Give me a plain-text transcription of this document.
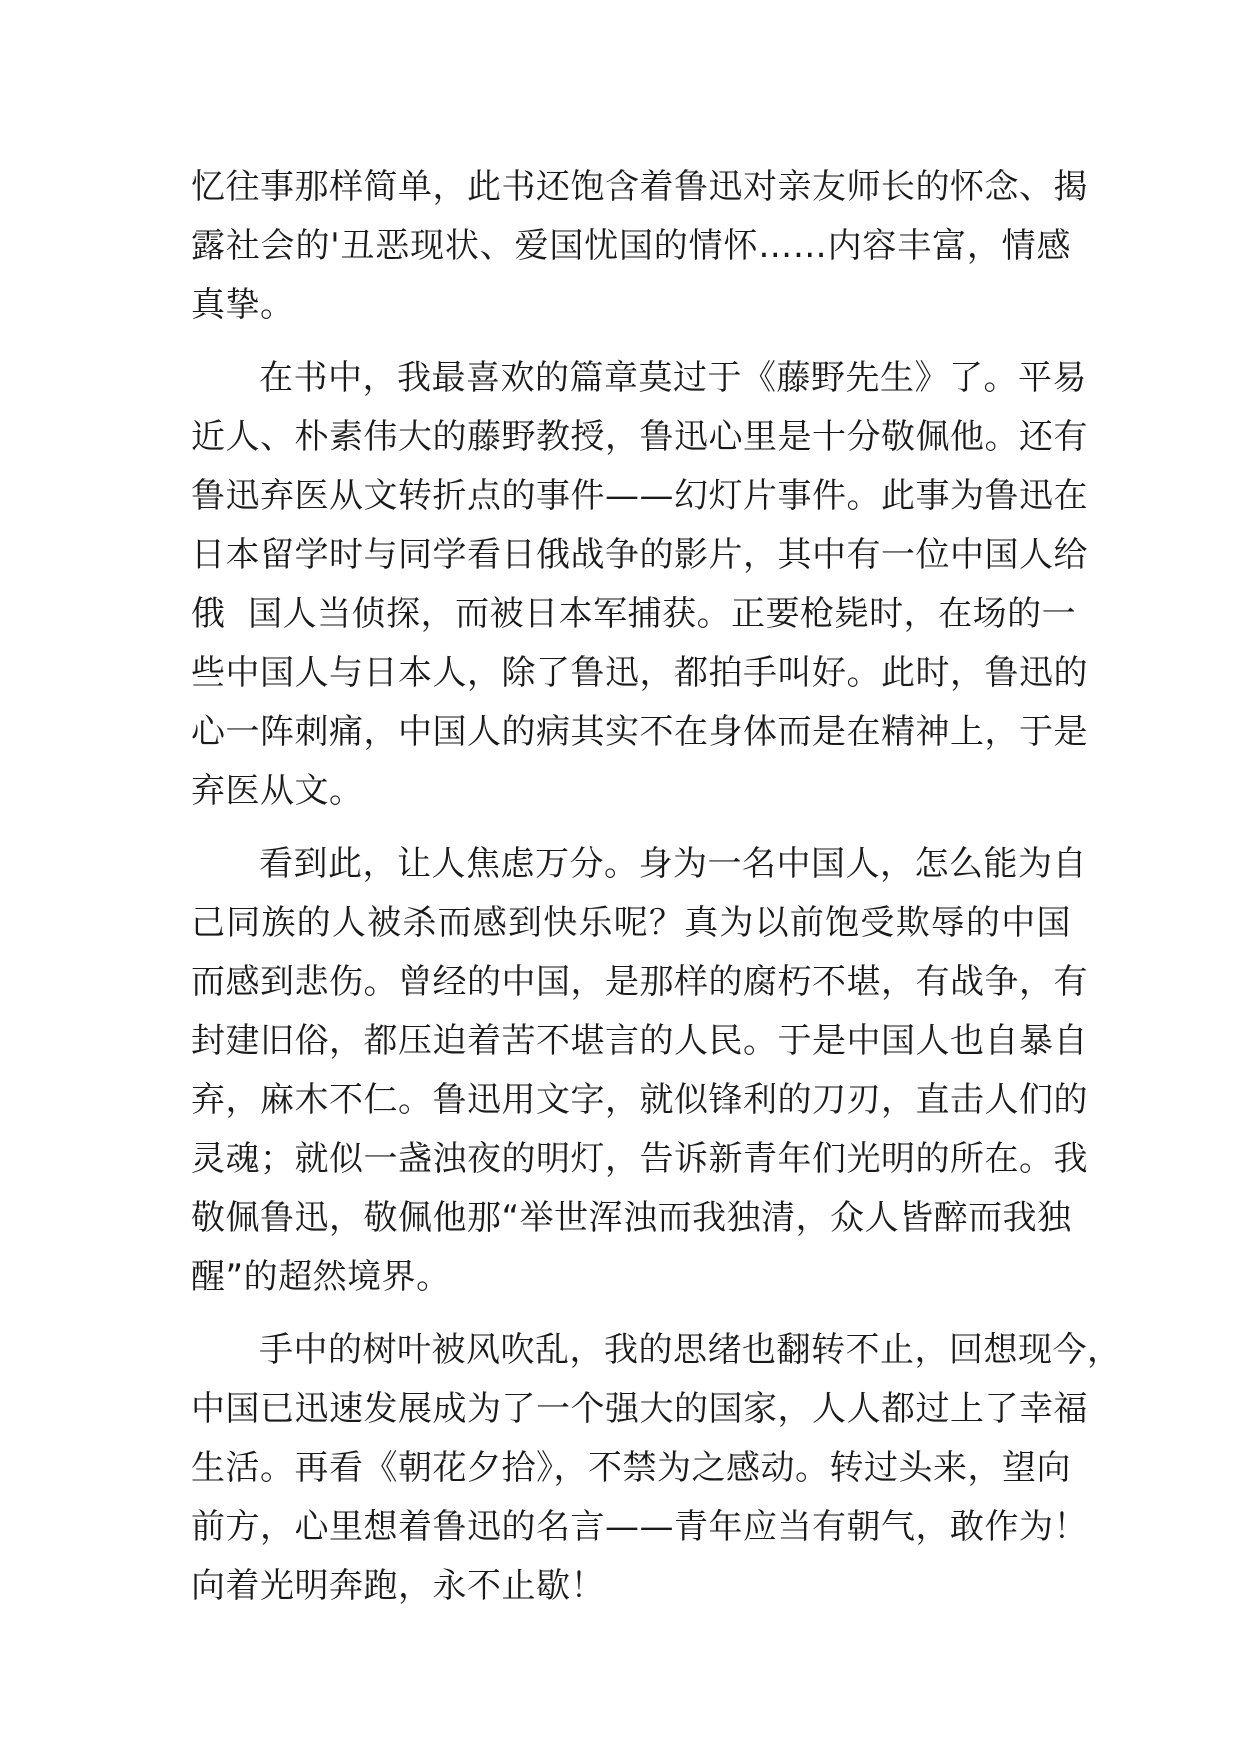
忆往事那样简单，此书还饱含着鲁迅对亲友师长的怀念、揭
露社会的'丑恶现状、爱国忧国的情怀……内容丰富，情感
真挚。
在书中，我最喜欢的篇章莫过于《藤野先生》了。平易
近人、朴素伟大的藤野教授，鲁迅心里是十分敬佩他。还有
鲁迅弃医从文转折点的事件——幻灯片事件。此事为鲁迅在
日本留学时与同学看日俄战争的影片，其中有一位中国人给
俄  国人当侦探，而被日本军捕获。正要枪毙时，在场的一
些中国人与日本人，除了鲁迅，都拍手叫好。此时，鲁迅的
心一阵刺痛，中国人的病其实不在身体而是在精神上，于是
弃医从文。
看到此，让人焦虑万分。身为一名中国人，怎么能为自
己同族的人被杀而感到快乐呢？真为以前饱受欺辱的中国
而感到悲伤。曾经的中国，是那样的腐朽不堪，有战争，有
封建旧俗，都压迫着苦不堪言的人民。于是中国人也自暴自
弃，麻木不仁。鲁迅用文字，就似锋利的刀刃，直击人们的
灵魂；就似一盏浊夜的明灯，告诉新青年们光明的所在。我
敬佩鲁迅，敬佩他那“举世浑浊而我独清，众人皆醉而我独
醒”的超然境界。
手中的树叶被风吹乱，我的思绪也翻转不止，回想现今，
中国已迅速发展成为了一个强大的国家，人人都过上了幸福
生活。再看《朝花夕拾》，不禁为之感动。转过头来，望向
前方，心里想着鲁迅的名言——青年应当有朝气，敢作为！
向着光明奔跑，永不止歇！
